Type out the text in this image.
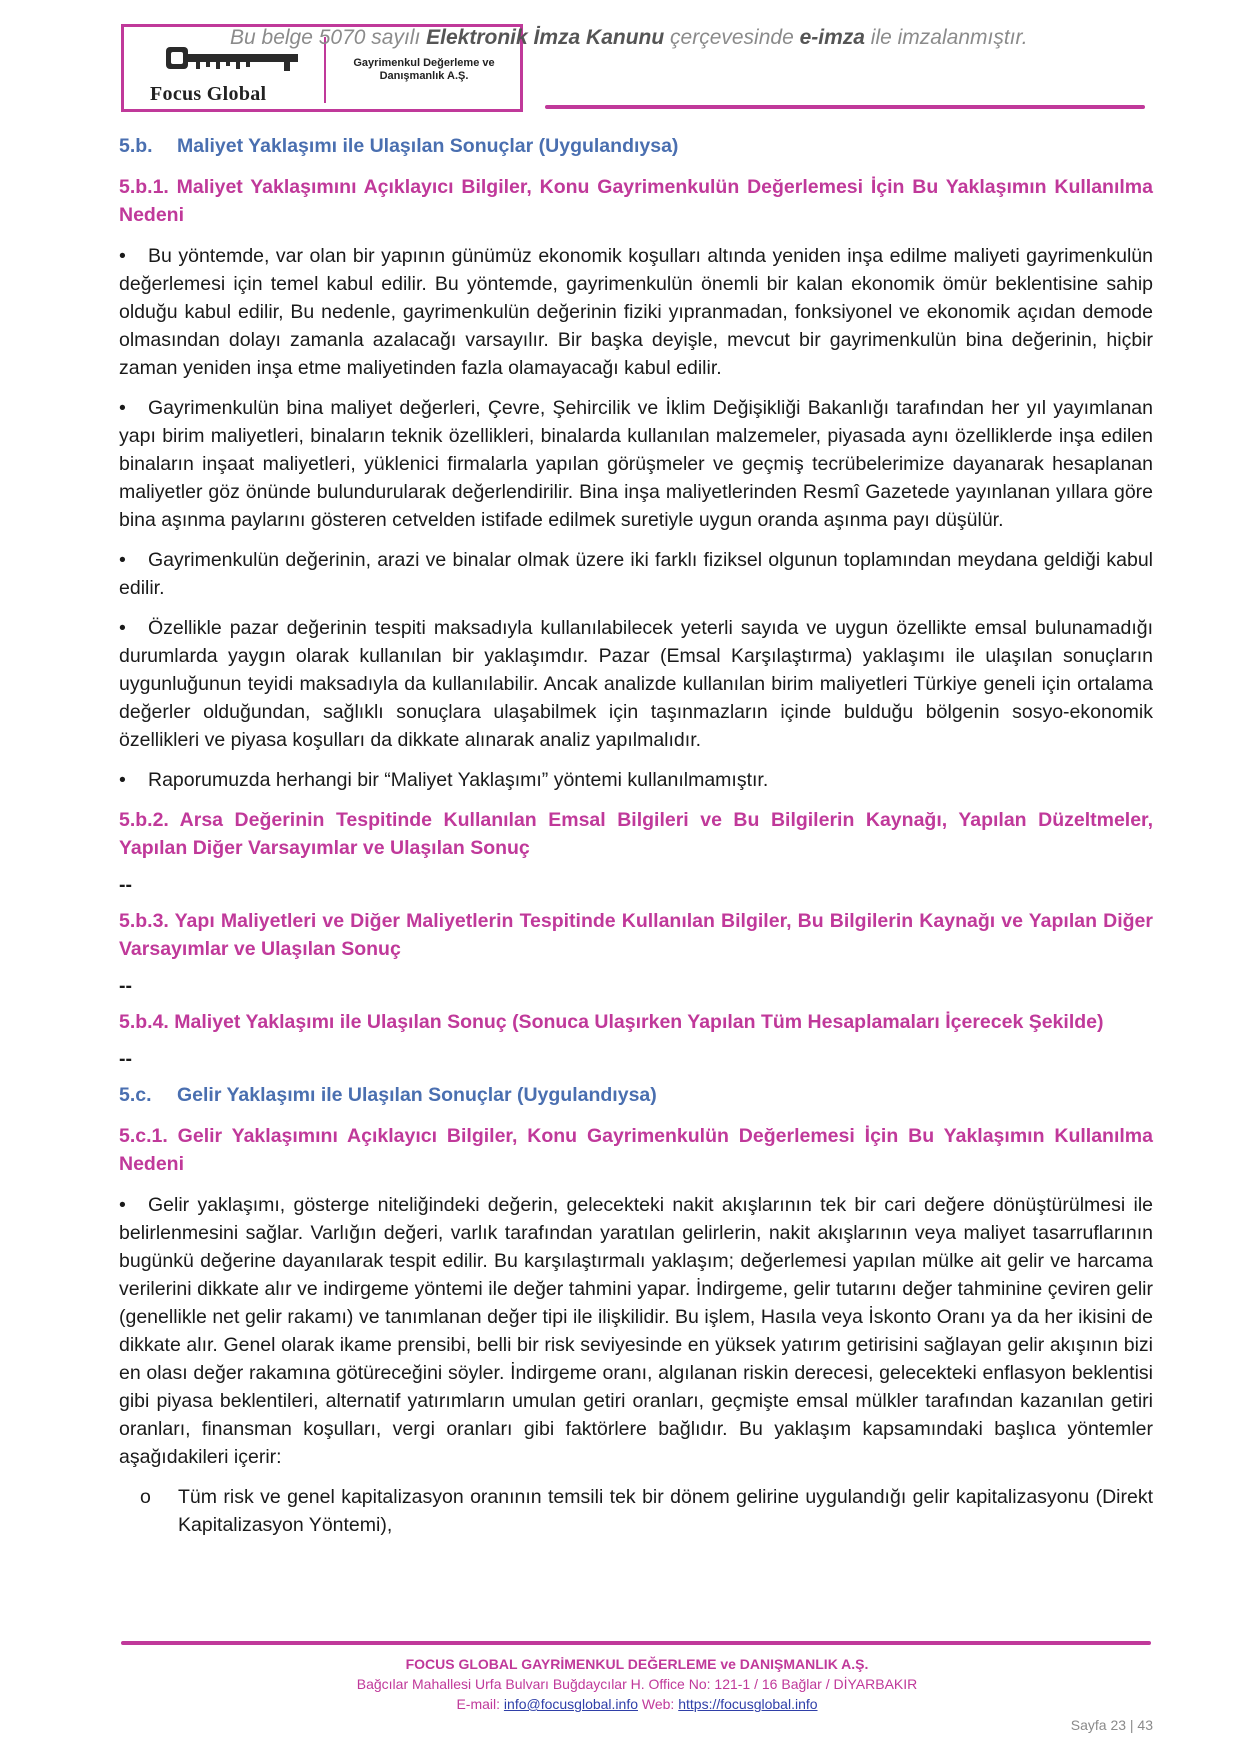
Focus Global
Gayrimenkul Değerleme ve Danışmanlık A.Ş.
Bu belge 5070 sayılı Elektronik İmza Kanunu çerçevesinde e-imza ile imzalanmıştır.
5.b. Maliyet Yaklaşımı ile Ulaşılan Sonuçlar (Uygulandıysa)
5.b.1. Maliyet Yaklaşımını Açıklayıcı Bilgiler, Konu Gayrimenkulün Değerlemesi İçin Bu Yaklaşımın Kullanılma Nedeni

• Bu yöntemde, var olan bir yapının günümüz ekonomik koşulları altında yeniden inşa edilme maliyeti gayrimenkulün değerlemesi için temel kabul edilir. Bu yöntemde, gayrimenkulün önemli bir kalan ekonomik ömür beklentisine sahip olduğu kabul edilir, Bu nedenle, gayrimenkulün değerinin fiziki yıpranmadan, fonksiyonel ve ekonomik açıdan demode olmasından dolayı zamanla azalacağı varsayılır. Bir başka deyişle, mevcut bir gayrimenkulün bina değerinin, hiçbir zaman yeniden inşa etme maliyetinden fazla olamayacağı kabul edilir.

• Gayrimenkulün bina maliyet değerleri, Çevre, Şehircilik ve İklim Değişikliği Bakanlığı tarafından her yıl yayımlanan yapı birim maliyetleri, binaların teknik özellikleri, binalarda kullanılan malzemeler, piyasada aynı özelliklerde inşa edilen binaların inşaat maliyetleri, yüklenici firmalarla yapılan görüşmeler ve geçmiş tecrübelerimize dayanarak hesaplanan maliyetler göz önünde bulundurularak değerlendirilir. Bina inşa maliyetlerinden Resmî Gazetede yayınlanan yıllara göre bina aşınma paylarını gösteren cetvelden istifade edilmek suretiyle uygun oranda aşınma payı düşülür.

• Gayrimenkulün değerinin, arazi ve binalar olmak üzere iki farklı fiziksel olgunun toplamından meydana geldiği kabul edilir.

• Özellikle pazar değerinin tespiti maksadıyla kullanılabilecek yeterli sayıda ve uygun özellikte emsal bulunamadığı durumlarda yaygın olarak kullanılan bir yaklaşımdır. Pazar (Emsal Karşılaştırma) yaklaşımı ile ulaşılan sonuçların uygunluğunun teyidi maksadıyla da kullanılabilir. Ancak analizde kullanılan birim maliyetleri Türkiye geneli için ortalama değerler olduğundan, sağlıklı sonuçlara ulaşabilmek için taşınmazların içinde bulduğu bölgenin sosyo-ekonomik özellikleri ve piyasa koşulları da dikkate alınarak analiz yapılmalıdır.

• Raporumuzda herhangi bir “Maliyet Yaklaşımı” yöntemi kullanılmamıştır.

5.b.2. Arsa Değerinin Tespitinde Kullanılan Emsal Bilgileri ve Bu Bilgilerin Kaynağı, Yapılan Düzeltmeler, Yapılan Diğer Varsayımlar ve Ulaşılan Sonuç
--
5.b.3. Yapı Maliyetleri ve Diğer Maliyetlerin Tespitinde Kullanılan Bilgiler, Bu Bilgilerin Kaynağı ve Yapılan Diğer Varsayımlar ve Ulaşılan Sonuç
--
5.b.4. Maliyet Yaklaşımı ile Ulaşılan Sonuç (Sonuca Ulaşırken Yapılan Tüm Hesaplamaları İçerecek Şekilde)
--
5.c. Gelir Yaklaşımı ile Ulaşılan Sonuçlar (Uygulandıysa)
5.c.1. Gelir Yaklaşımını Açıklayıcı Bilgiler, Konu Gayrimenkulün Değerlemesi İçin Bu Yaklaşımın Kullanılma Nedeni

• Gelir yaklaşımı, gösterge niteliğindeki değerin, gelecekteki nakit akışlarının tek bir cari değere dönüştürülmesi ile belirlenmesini sağlar. Varlığın değeri, varlık tarafından yaratılan gelirlerin, nakit akışlarının veya maliyet tasarruflarının bugünkü değerine dayanılarak tespit edilir. Bu karşılaştırmalı yaklaşım; değerlemesi yapılan mülke ait gelir ve harcama verilerini dikkate alır ve indirgeme yöntemi ile değer tahmini yapar. İndirgeme, gelir tutarını değer tahminine çeviren gelir (genellikle net gelir rakamı) ve tanımlanan değer tipi ile ilişkilidir. Bu işlem, Hasıla veya İskonto Oranı ya da her ikisini de dikkate alır. Genel olarak ikame prensibi, belli bir risk seviyesinde en yüksek yatırım getirisini sağlayan gelir akışının bizi en olası değer rakamına götüreceğini söyler. İndirgeme oranı, algılanan riskin derecesi, gelecekteki enflasyon beklentisi gibi piyasa beklentileri, alternatif yatırımların umulan getiri oranları, geçmişte emsal mülkler tarafından kazanılan getiri oranları, finansman koşulları, vergi oranları gibi faktörlere bağlıdır. Bu yaklaşım kapsamındaki başlıca yöntemler aşağıdakileri içerir:

o Tüm risk ve genel kapitalizasyon oranının temsili tek bir dönem gelirine uygulandığı gelir kapitalizasyonu (Direkt Kapitalizasyon Yöntemi),
FOCUS GLOBAL GAYRİMENKUL DEĞERLEME ve DANIŞMANLIK A.Ş.
Bağcılar Mahallesi Urfa Bulvarı Buğdaycılar H. Office No: 121-1 / 16 Bağlar / DİYARBAKIR
E-mail: info@focusglobal.info Web: https://focusglobal.info
Sayfa 23 | 43
